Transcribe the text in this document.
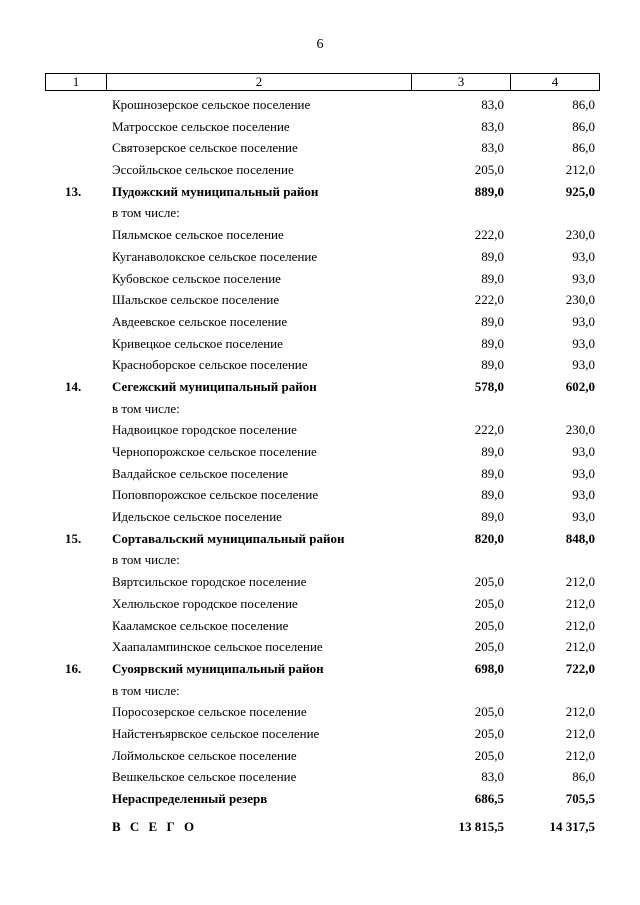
6
1	2	3	4
Крошнозерское сельское поселение	83,0	86,0
Матросское сельское поселение	83,0	86,0
Святозерское сельское поселение	83,0	86,0
Эссойльское сельское поселение	205,0	212,0
13. Пудожский муниципальный район	889,0	925,0
в том числе:
Пяльмское сельское поселение	222,0	230,0
Куганаволокское сельское поселение	89,0	93,0
Кубовское сельское поселение	89,0	93,0
Шальское сельское поселение	222,0	230,0
Авдеевское сельское поселение	89,0	93,0
Кривецкое сельское поселение	89,0	93,0
Красноборское сельское поселение	89,0	93,0
14. Сегежский муниципальный район	578,0	602,0
в том числе:
Надвоицкое городское поселение	222,0	230,0
Чернопорожское сельское поселение	89,0	93,0
Валдайское сельское поселение	89,0	93,0
Поповпорожское сельское поселение	89,0	93,0
Идельское сельское поселение	89,0	93,0
15. Сортавальский муниципальный район	820,0	848,0
в том числе:
Вяртсильское городское поселение	205,0	212,0
Хелюльское городское поселение	205,0	212,0
Кааламское сельское поселение	205,0	212,0
Хаапалампинское сельское поселение	205,0	212,0
16. Суоярвский муниципальный район	698,0	722,0
в том числе:
Поросозерское сельское поселение	205,0	212,0
Найстенъярвское сельское поселение	205,0	212,0
Лоймольское сельское поселение	205,0	212,0
Вешкельское сельское поселение	83,0	86,0
Нераспределенный резерв	686,5	705,5
В С Е Г О	13 815,5	14 317,5
